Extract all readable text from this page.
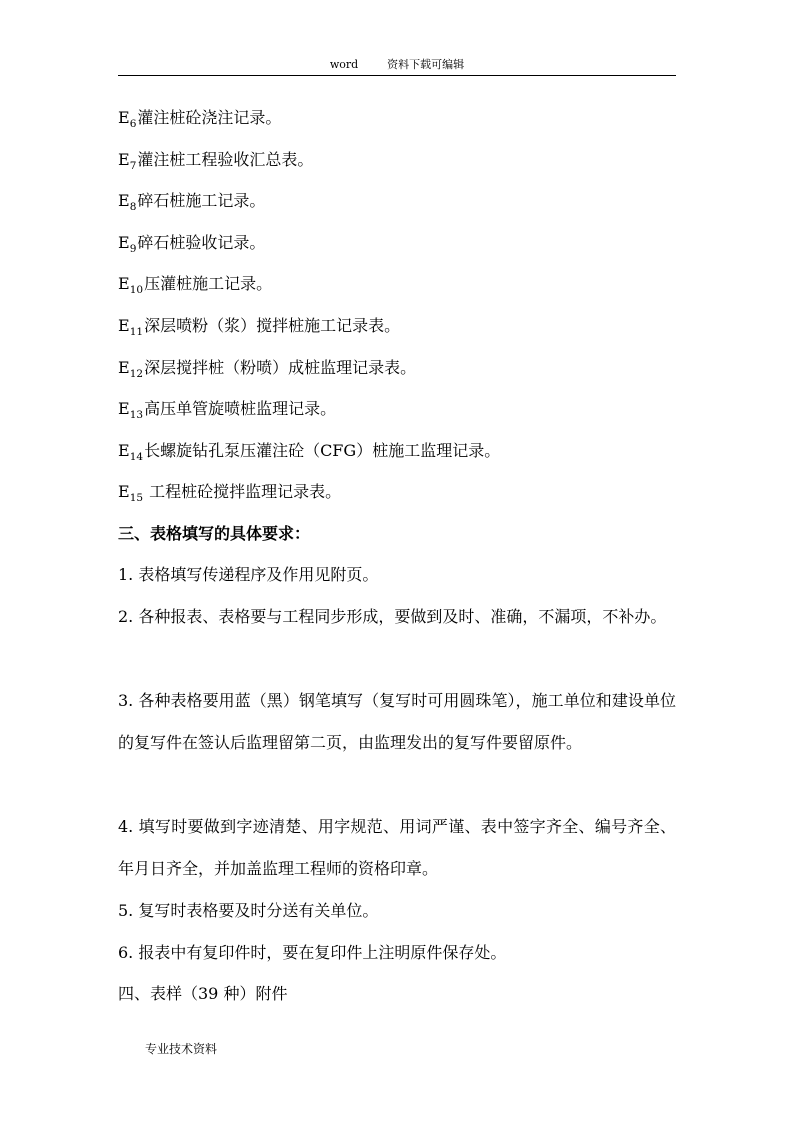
word	资料下载可编辑
$E_6$灌注桩砼浇注记录。
$E_7$灌注桩工程验收汇总表。
$E_8$碎石桩施工记录。
$E_9$碎石桩验收记录。
$E_{10}$压灌桩施工记录。
$E_{11}$深层喷粉（浆）搅拌桩施工记录表。
$E_{12}$深层搅拌桩（粉喷）成桩监理记录表。
$E_{13}$高压单管旋喷桩监理记录。
$E_{14}$长螺旋钻孔泵压灌注砼（CFG）桩施工监理记录。
$E_{15}$ 工程桩砼搅拌监理记录表。
三、表格填写的具体要求：

1. 表格填写传递程序及作用见附页。

2. 各种报表、表格要与工程同步形成，要做到及时、准确，不漏项，不补办。

3. 各种表格要用蓝（黑）钢笔填写（复写时可用圆珠笔），施工单位和建设单位的复写件在签认后监理留第二页，由监理发出的复写件要留原件。

4. 填写时要做到字迹清楚、用字规范、用词严谨、表中签字齐全、编号齐全、年月日齐全，并加盖监理工程师的资格印章。

5. 复写时表格要及时分送有关单位。

6. 报表中有复印件时，要在复印件上注明原件保存处。

四、表样（39 种）附件
专业技术资料
